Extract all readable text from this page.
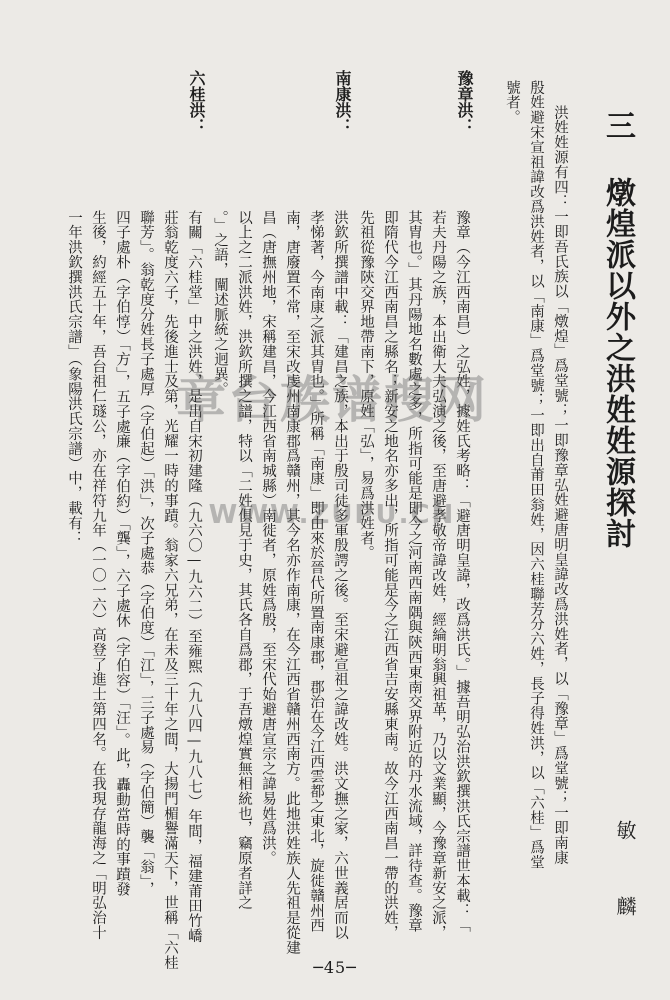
三 燉煌派以外之洪姓姓源探討
敏 麟
洪姓姓源有四：一即吾氏族以「燉煌」爲堂號；一即豫章弘姓避唐明皇諱改爲洪姓者，以「豫章」爲堂號；一即南康
殷姓避宋宣祖諱改爲洪姓者，以「南康」爲堂號；一即出自莆田翁姓，因六桂聯芳分六姓，長子得姓洪，以「六桂」爲堂
號者。
豫章洪：
豫章（今江西南昌）之弘姓，據姓氏考略：「避唐明皇諱，改爲洪氏。」據吾明弘治洪欽撰洪氏宗譜世本載：「
若夫丹陽之族，本出衛大夫弘演之後，至唐避孝敬帝諱改姓，經綸明翁興祖革，乃以文業顯，今豫章新安之派，
其胄也。」其丹陽地名數處之多，所指可能是即今之河南西南隅與陝西東南交界附近的丹水流域，詳待查。豫章
即隋代今江西南昌之縣名；新安之地名亦多出，所指可能是今之江西省吉安縣東南。故今江西南昌一帶的洪姓，
先祖從豫陝交界地帶南下，原姓「弘」，易爲洪姓者。
南康洪：
洪欽所撰譜中載：「建昌之族，本出于殷司徒多軍殷諤之後。至宋避宣祖之諱改姓。洪文撫之家，六世義居而以
孝悌著，今南康之派其胄也。」所稱「南康」即由來於晉代所置南康郡，郡治在今江西雲都之東北，旋徙贛州西
南，唐廢置不常，至宋改虔州南康郡爲贛州，其今名亦作南康，在今江西省贛州西南方。此地洪姓族人先祖是從建
昌（唐撫州地，宋稱建昌，今江西省南城縣）南徙者，原姓爲殷，至宋代始避唐宣宗之諱易姓爲洪。
以上之二派洪姓，洪欽所撰之譜，特以「二姓俱見于史，其氏各自爲郡，于吾燉煌實無相統也，竊原者詳之
。」之語，闡述脈統之迥異。
六桂洪：
有關「六桂堂」中之洪姓，是出自宋初建隆（九六〇—九六二）至雍熙（九八四—九八七）年間，福建莆田竹嶠
莊翁乾度六子，先後進士及第，光耀一時的事蹟。翁家六兄弟，在未及三十年之間，大揚門楣譽滿天下，世稱「六桂
聯芳」。翁乾度分姓長子處厚（字伯起）「洪」，次子處恭（字伯度）「江」，三子處易（字伯簡）襲「翁」，
四子處朴（字伯惇）「方」，五子處廉（字伯約）「龔」，六子處休（字伯容）「汪」。此，轟動當時的事蹟發
生後，約經五十年，吾台祖仁璲公，亦在祥符九年（一〇一六）高登了進士第四名。在我現存龍海之「明弘治十
一年洪欽撰洪氏宗譜」（象陽洪氏宗譜）中，載有：	章台族谱搜网
WWW.ZUPU.CN
─45─
